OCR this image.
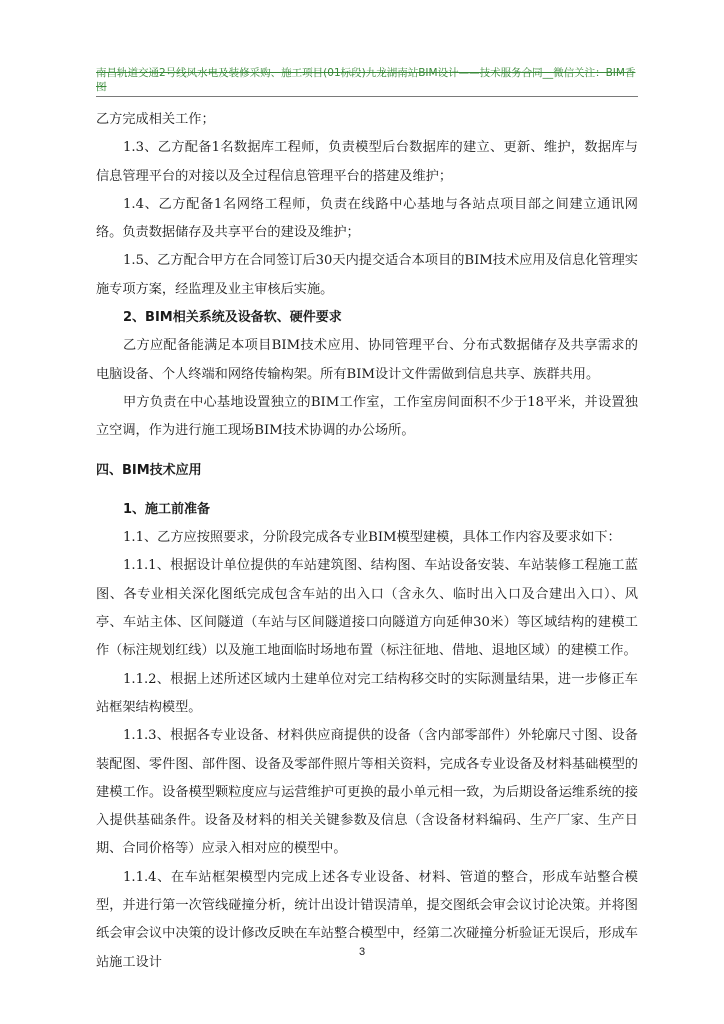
南昌轨道交通2号线风水电及装修采购、施工项目(01标段)九龙湖南站BIM设计——技术服务合同__微信关注：BIM香图

乙方完成相关工作；

1.3、乙方配备1名数据库工程师，负责模型后台数据库的建立、更新、维护，数据库与信息管理平台的对接以及全过程信息管理平台的搭建及维护；

1.4、乙方配备1名网络工程师，负责在线路中心基地与各站点项目部之间建立通讯网络。负责数据储存及共享平台的建设及维护；

1.5、乙方配合甲方在合同签订后30天内提交适合本项目的BIM技术应用及信息化管理实施专项方案，经监理及业主审核后实施。

2、BIM相关系统及设备软、硬件要求

乙方应配备能满足本项目BIM技术应用、协同管理平台、分布式数据储存及共享需求的电脑设备、个人终端和网络传输构架。所有BIM设计文件需做到信息共享、族群共用。

甲方负责在中心基地设置独立的BIM工作室，工作室房间面积不少于18平米，并设置独立空调，作为进行施工现场BIM技术协调的办公场所。

四、BIM技术应用

1、施工前准备

1.1、乙方应按照要求，分阶段完成各专业BIM模型建模，具体工作内容及要求如下：

1.1.1、根据设计单位提供的车站建筑图、结构图、车站设备安装、车站装修工程施工蓝图、各专业相关深化图纸完成包含车站的出入口（含永久、临时出入口及合建出入口）、风亭、车站主体、区间隧道（车站与区间隧道接口向隧道方向延伸30米）等区域结构的建模工作（标注规划红线）以及施工地面临时场地布置（标注征地、借地、退地区域）的建模工作。

1.1.2、根据上述所述区域内土建单位对完工结构移交时的实际测量结果，进一步修正车站框架结构模型。

1.1.3、根据各专业设备、材料供应商提供的设备（含内部零部件）外轮廓尺寸图、设备装配图、零件图、部件图、设备及零部件照片等相关资料，完成各专业设备及材料基础模型的建模工作。设备模型颗粒度应与运营维护可更换的最小单元相一致，为后期设备运维系统的接入提供基础条件。设备及材料的相关关键参数及信息（含设备材料编码、生产厂家、生产日期、合同价格等）应录入相对应的模型中。

1.1.4、在车站框架模型内完成上述各专业设备、材料、管道的整合，形成车站整合模型，并进行第一次管线碰撞分析，统计出设计错误清单，提交图纸会审会议讨论决策。并将图纸会审会议中决策的设计修改反映在车站整合模型中，经第二次碰撞分析验证无误后，形成车站施工设计

3
